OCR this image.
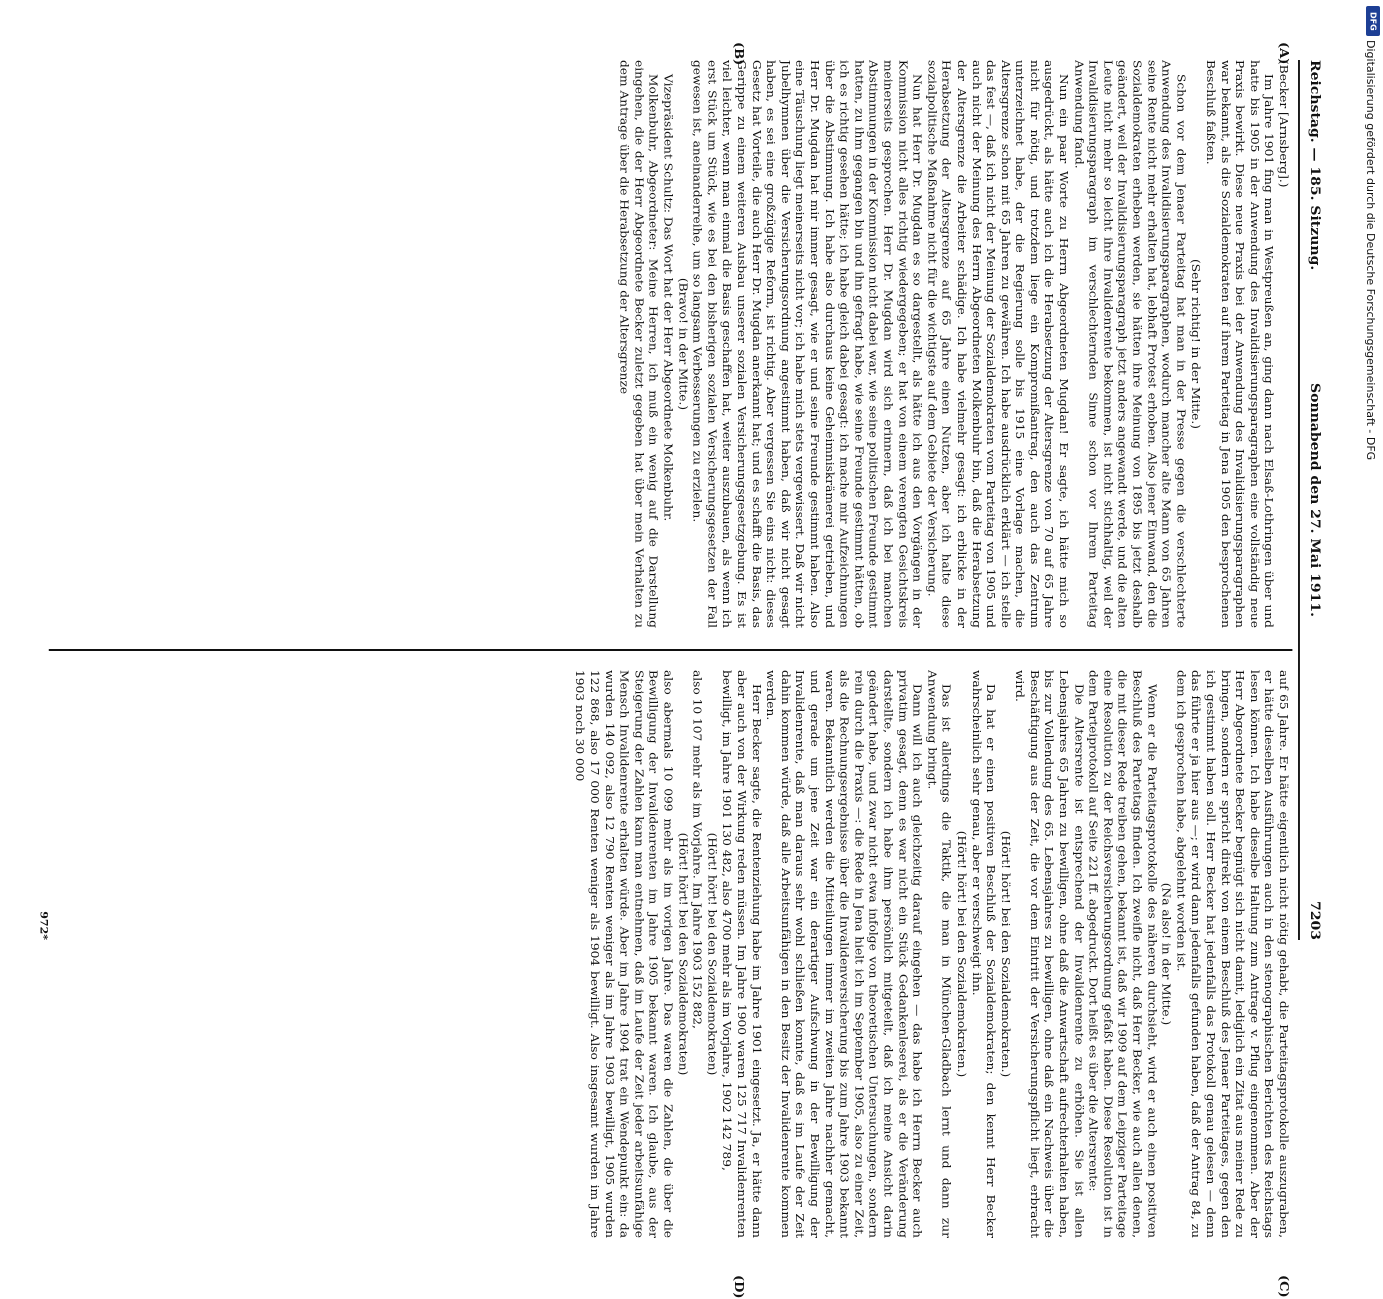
Reichstag. — 185. Sitzung.
Sonnabend den 27. Mai 1911.
7203
(A)
(B)
(C)
(D)

(Becker [Arnsberg].)

Im Jahre 1901 fing man in Westpreußen an, ging dann nach Elsaß-Lothringen über und hatte bis 1905 in der Anwendung des Invalidisierungsparagraphen eine vollständig neue Praxis bewirkt. Diese neue Praxis bei der Anwendung des Invalidisierungsparagraphen war bekannt, als die Sozialdemokraten auf ihrem Parteitag in Jena 1905 den besprochenen Beschluß faßten.

(Sehr richtig! in der Mitte.)

Schon vor dem Jenaer Parteitag hat man in der Presse gegen die verschlechterte Anwendung des Invalidisierungsparagraphen, wodurch mancher alte Mann von 65 Jahren seine Rente nicht mehr erhalten hat, lebhaft Protest erhoben. Also jener Einwand, den die Sozialdemokraten erheben werden, sie hätten ihre Meinung von 1895 bis jetzt deshalb geändert, weil der Invalidisierungsparagraph jetzt anders angewandt werde, und die alten Leute nicht mehr so leicht ihre Invalidenrente bekommen, ist nicht stichhaltig, weil der Invalidisierungsparagraph im verschlechternden Sinne schon vor Ihrem Parteitag Anwendung fand.

Nun ein paar Worte zu Herrn Abgeordneten Mugdan! Er sagte, ich hätte mich so ausgedrückt, als hätte auch ich die Herabsetzung der Altersgrenze von 70 auf 65 Jahre nicht für nötig, und trotzdem liege ein Kompromißantrag, den auch das Zentrum unterzeichnet habe, der die Regierung solle bis 1915 eine Vorlage machen, die Altersgrenze schon mit 65 Jahren zu gewähren. Ich habe ausdrücklich erklärt — ich stelle das fest —, daß ich nicht der Meinung der Sozialdemokraten vom Parteitag von 1905 und auch nicht der Meinung des Herrn Abgeordneten Molkenbuhr bin, daß die Herabsetzung der Altersgrenze die Arbeiter schädige. Ich habe vielmehr gesagt: ich erblicke in der Herabsetzung der Altersgrenze auf 65 Jahre einen Nutzen, aber ich halte diese sozialpolitische Maßnahme nicht für die wichtigste auf dem Gebiete der Versicherung.

Nun hat Herr Dr. Mugdan es so dargestellt, als hätte ich aus den Vorgängen in der Kommission nicht alles richtig wiedergegeben; er hat von einem verengten Gesichtskreis meinerseits gesprochen. Herr Dr. Mugdan wird sich erinnern, daß ich bei manchen Abstimmungen in der Kommission nicht dabei war, wie seine politischen Freunde gestimmt hatten, zu ihm gegangen bin und ihn gefragt habe, wie seine Freunde gestimmt hätten, ob ich es richtig gesehen hätte; ich habe gleich dabei gesagt: ich mache mir Aufzeichnungen über die Abstimmung. Ich habe also durchaus keine Geheimniskrämerei getrieben, und Herr Dr. Mugdan hat mir immer gesagt, wie er und seine Freunde gestimmt haben. Also eine Täuschung liegt meinerseits nicht vor; ich habe mich stets vergewissert. Daß wir nicht Jubelhymnen über die Versicherungsordnung angestimmt haben, daß wir nicht gesagt haben, es sei eine großzügige Reform, ist richtig. Aber vergessen Sie eins nicht: dieses Gesetz hat Vorteile, die auch Herr Dr. Mugdan anerkannt hat; und es schafft die Basis, das Gerippe zu einem weiteren Ausbau unserer sozialen Versicherungsgesetzgebung. Es ist viel leichter, wenn man einmal die Basis geschaffen hat, weiter auszubauen, als wenn ich erst Stück um Stück, wie es bei den bisherigen sozialen Versicherungsgesetzen der Fall gewesen ist, aneinanderreihe, um so langsam Verbesserungen zu erzielen.

(Bravo! in der Mitte.)

Vizepräsident Schultz: Das Wort hat der Herr Abgeordnete Molkenbuhr.

Molkenbuhr, Abgeordneter: Meine Herren, ich muß ein wenig auf die Darstellung eingehen, die der Herr Abgeordnete Becker zuletzt gegeben hat über mein Verhalten zu dem Antrage über die Herabsetzung der Altersgrenze

auf 65 Jahre. Er hätte eigentlich nicht nötig gehabt, die Parteitagsprotokolle auszugraben, er hätte dieselben Ausführungen auch in den stenographischen Berichten des Reichstags lesen können. Ich habe dieselbe Haltung zum Antrage v. Pflug eingenommen. Aber der Herr Abgeordnete Becker begnügt sich nicht damit, lediglich ein Zitat aus meiner Rede zu bringen, sondern er spricht direkt von einem Beschluß des Jenaer Parteitages, gegen den ich gestimmt haben soll. Herr Becker hat jedenfalls das Protokoll genau gelesen — denn das führte er ja hier aus —; er wird dann jedenfalls gefunden haben, daß der Antrag 84, zu dem ich gesprochen habe, abgelehnt worden ist.

(Na also! in der Mitte.)

Wenn er die Parteitagsprotokolle des näheren durchsieht, wird er auch einen positiven Beschluß des Parteitags finden. Ich zweifle nicht, daß Herr Becker, wie auch allen denen, die mit dieser Rede treiben gehen, bekannt ist, daß wir 1909 auf dem Leipziger Parteitage eine Resolution zu der Reichsversicherungsordnung gefaßt haben. Diese Resolution ist in dem Parteiprotokoll auf Seite 221 ff. abgedruckt. Dort heißt es über die Altersrente:

Die Altersrente ist entsprechend der Invalidenrente zu erhöhen. Sie ist allen Lebensjahres 65 Jahren zu bewilligen, ohne daß die Anwartschaft aufrechterhalten haben, bis zur Vollendung des 65. Lebensjahres zu bewilligen, ohne daß ein Nachweis über die Beschäftigung aus der Zeit, die vor dem Eintritt der Versicherungspflicht liegt, erbracht wird.

(Hört! hört! bei den Sozialdemokraten.)

Da hat er einen positiven Beschluß der Sozialdemokraten; den kennt Herr Becker wahrscheinlich sehr genau, aber er verschweigt ihn.

(Hört! hört! bei den Sozialdemokraten.)

Das ist allerdings die Taktik, die man in München-Gladbach lernt und dann zur Anwendung bringt.

Dann will ich auch gleichzeitig darauf eingehen — das habe ich Herrn Becker auch privatim gesagt, denn es war nicht ein Stück Gedankenleserei, als er die Veränderung darstellte, sondern ich habe ihm persönlich mitgeteilt, daß ich meine Ansicht darin geändert habe, und zwar nicht etwa infolge von theoretischen Untersuchungen, sondern rein durch die Praxis —: die Rede in Jena hielt ich im September 1905, also zu einer Zeit, als die Rechnungsergebnisse über die Invalidenversicherung bis zum Jahre 1903 bekannt waren. Bekanntlich werden die Mitteilungen immer im zweiten Jahre nachher gemacht, und gerade um jene Zeit war ein derartiger Aufschwung in der Bewilligung der Invalidenrente, daß man daraus sehr wohl schließen konnte, daß es im Laufe der Zeit dahin kommen würde, daß alle Arbeitsunfähigen in den Besitz der Invalidenrente kommen werden.

Herr Becker sagte, die Rentenziehung habe im Jahre 1901 eingesetzt. Ja, er hätte dann aber auch von der Wirkung reden müssen. Im Jahre 1900 waren 125 717 Invalidenrenten bewilligt, im Jahre 1901 130 482, also 4700 mehr als im Vorjahre, 1902 142 789,

(Hört! hört! bei den Sozialdemokraten)

also 10 107 mehr als im Vorjahre. Im Jahre 1903 152 882,

(Hört! hört! bei den Sozialdemokraten)

also abermals 10 099 mehr als im vorigen Jahre. Das waren die Zahlen, die über die Bewilligung der Invalidenrenten im Jahre 1905 bekannt waren. Ich glaube, aus der Steigerung der Zahlen kann man entnehmen, daß im Laufe der Zeit jeder arbeitsunfähige Mensch Invalidenrente erhalten würde. Aber im Jahre 1904 trat ein Wendepunkt ein: da wurden 140 092, also 12 790 Renten weniger als im Jahre 1903 bewilligt, 1905 wurden 122 868, also 17 000 Renten weniger als 1904 bewilligt. Also insgesamt wurden im Jahre 1903 noch 30 000

972*
DFG
Digitalisierung gefördert durch die Deutsche Forschungsgemeinschaft - DFG
